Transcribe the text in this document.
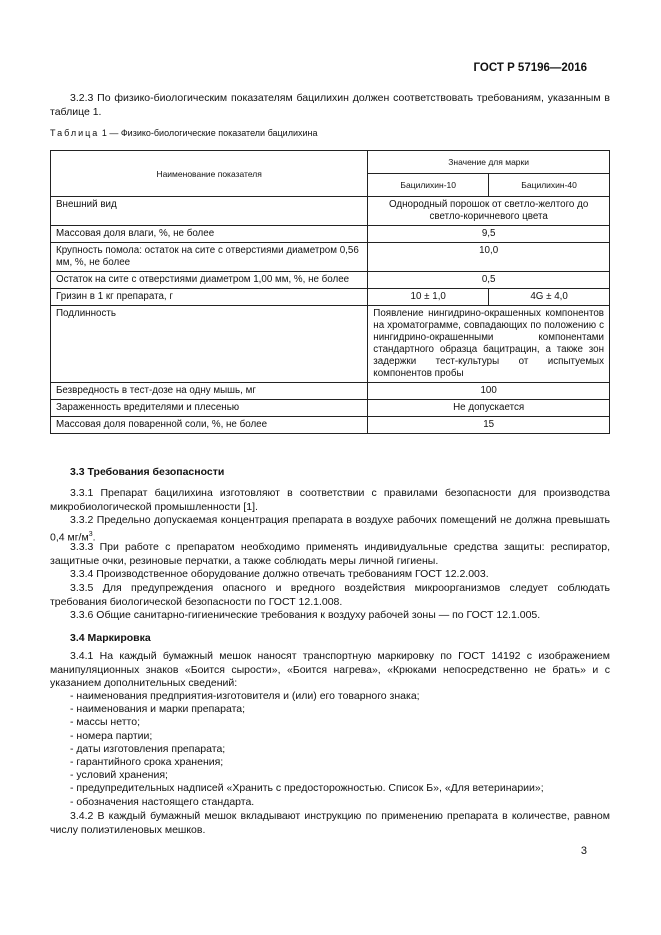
ГОСТ Р 57196—2016

3.2.3 По физико-биологическим показателям бацилихин должен соответствовать требованиям, указанным в таблице 1.

Таблица 1 — Физико-биологические показатели бацилихина
Наименование показателя	Значение для марки	
	Бацилихин-10	Бацилихин-40
Внешний вид	Однородный порошок от светло-желтого до светло-коричневого цвета	
Массовая доля влаги, %, не более	9,5	
Крупность помола: остаток на сите с отверстиями диаметром 0,56 мм, %, не более	10,0	
Остаток на сите с отверстиями диаметром 1,00 мм, %, не более	0,5	
Гризин в 1 кг препарата, г	10 ± 1,0	4G ± 4,0
Подлинность	Появление нингидрино-окрашенных компонентов на хроматограмме, совпадающих по положению с нингидрино-окрашенными компонентами стандартного образца бацитрацин, а также зон задержки тест-культуры от испытуемых компонентов пробы	
Безвредность в тест-дозе на одну мышь, мг	100	
Зараженность вредителями и плесенью	Не допускается	
Массовая доля поваренной соли, %, не более	15	

3.3 Требования безопасности

3.3.1 Препарат бацилихина изготовляют в соответствии с правилами безопасности для производства микробиологической промышленности [1].

3.3.2 Предельно допускаемая концентрация препарата в воздухе рабочих помещений не должна превышать 0,4 $мг/м^3$.

3.3.3 При работе с препаратом необходимо применять индивидуальные средства защиты: респиратор, защитные очки, резиновые перчатки, а также соблюдать меры личной гигиены.

3.3.4 Производственное оборудование должно отвечать требованиям ГОСТ 12.2.003.

3.3.5 Для предупреждения опасного и вредного воздействия микроорганизмов следует соблюдать требования биологической безопасности по ГОСТ 12.1.008.

3.3.6 Общие санитарно-гигиенические требования к воздуху рабочей зоны — по ГОСТ 12.1.005.

3.4 Маркировка

3.4.1 На каждый бумажный мешок наносят транспортную маркировку по ГОСТ 14192 с изображением манипуляционных знаков «Боится сырости», «Боится нагрева», «Крюками непосредственно не брать» и с указанием дополнительных сведений:

- наименования предприятия-изготовителя и (или) его товарного знака;
- наименования и марки препарата;
- массы нетто;
- номера партии;
- даты изготовления препарата;
- гарантийного срока хранения;
- условий хранения;
- предупредительных надписей «Хранить с предосторожностью. Список Б», «Для ветеринарии»;
- обозначения настоящего стандарта.

3.4.2 В каждый бумажный мешок вкладывают инструкцию по применению препарата в количестве, равном числу полиэтиленовых мешков.

3
